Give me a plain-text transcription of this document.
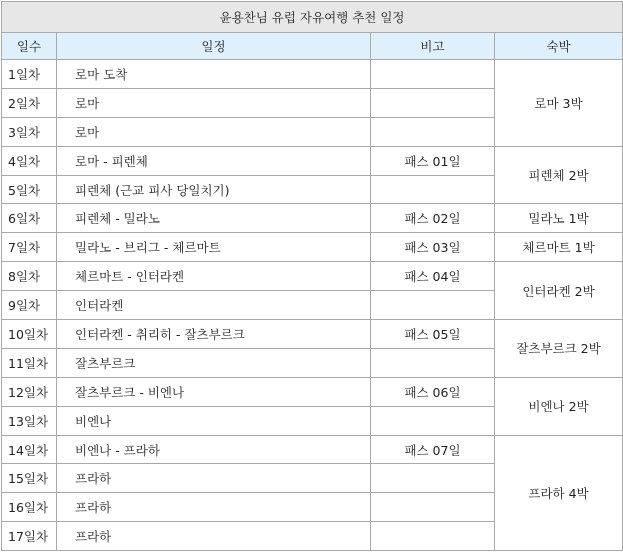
윤용찬님 유럽 자유여행 추천 일정			
일수	일정	비고	숙박
1일차	로마 도착		로마 3박
2일차	로마		
3일차	로마		
4일차	로마 - 피렌체	패스 01일	피렌체 2박
5일차	피렌체 (근교 피사 당일치기)		
6일차	피렌체 - 밀라노	패스 02일	밀라노 1박
7일차	밀라노 - 브리그 - 체르마트	패스 03일	체르마트 1박
8일차	체르마트 - 인터라켄	패스 04일	인터라켄 2박
9일차	인터라켄		
10일차	인터라켄 - 취리히 - 잘츠부르크	패스 05일	잘츠부르크 2박
11일차	잘츠부르크		
12일차	잘츠부르크 - 비엔나	패스 06일	비엔나 2박
13일차	비엔나		
14일차	비엔나 - 프라하	패스 07일	프라하 4박
15일차	프라하		
16일차	프라하		
17일차	프라하		
